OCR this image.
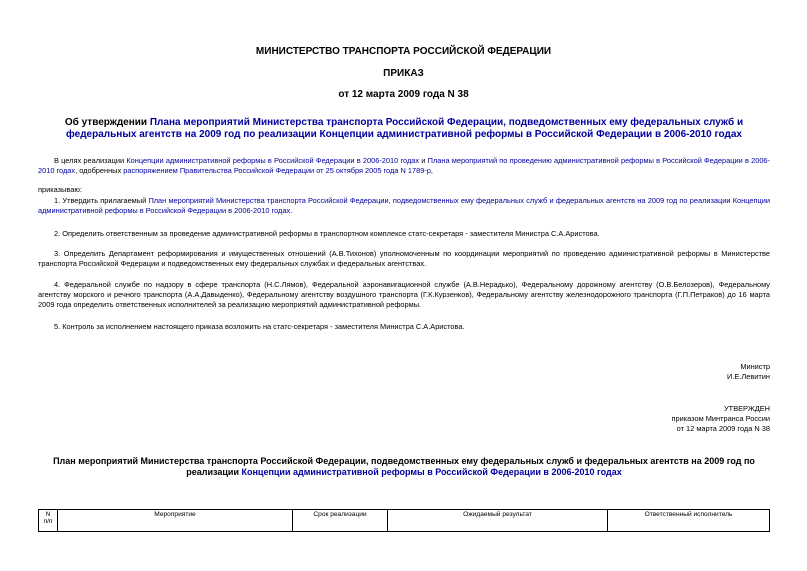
МИНИСТЕРСТВО ТРАНСПОРТА РОССИЙСКОЙ ФЕДЕРАЦИИ
ПРИКАЗ
от 12 марта 2009 года N 38
Об утверждении Плана мероприятий Министерства транспорта Российской Федерации, подведомственных ему федеральных служб и федеральных агентств на 2009 год по реализации Концепции административной реформы в Российской Федерации в 2006-2010 годах
В целях реализации Концепции административной реформы в Российской Федерации в 2006-2010 годах и Плана мероприятий по проведению административной реформы в Российской Федерации в 2006-2010 годах, одобренных распоряжением Правительства Российской Федерации от 25 октября 2005 года N 1789-р,
приказываю:
1. Утвердить прилагаемый План мероприятий Министерства транспорта Российской Федерации, подведомственных ему федеральных служб и федеральных агентств на 2009 год по реализации Концепции административной реформы в Российской Федерации в 2006-2010 годах.
2. Определить ответственным за проведение административной реформы в транспортном комплексе статс-секретаря - заместителя Министра С.А.Аристова.
3. Определить Департамент реформирования и имущественных отношений (А.В.Тихонов) уполномоченным по координации мероприятий по проведению административной реформы в Министерстве транспорта Российской Федерации и подведомственных ему федеральных службах и федеральных агентствах.
4. Федеральной службе по надзору в сфере транспорта (Н.С.Лямов), Федеральной аэронавигационной службе (А.В.Нерадько), Федеральному дорожному агентству (О.В.Белозеров), Федеральному агентству морского и речного транспорта (А.А.Давыденко), Федеральному агентству воздушного транспорта (Г.К.Курзенков), Федеральному агентству железнодорожного транспорта (Г.П.Петраков) до 16 марта 2009 года определить ответственных исполнителей за реализацию мероприятий административной реформы.
5. Контроль за исполнением настоящего приказа возложить на статс-секретаря - заместителя Министра С.А.Аристова.
Министр
И.Е.Левитин
УТВЕРЖДЕН
приказом Минтранса России
от 12 марта 2009 года N 38
План мероприятий Министерства транспорта Российской Федерации, подведомственных ему федеральных служб и федеральных агентств на 2009 год по реализации Концепции административной реформы в Российской Федерации в 2006-2010 годах
N
п/п	Мероприятие	Срок реализации	Ожидаемый результат	Ответственный исполнитель
